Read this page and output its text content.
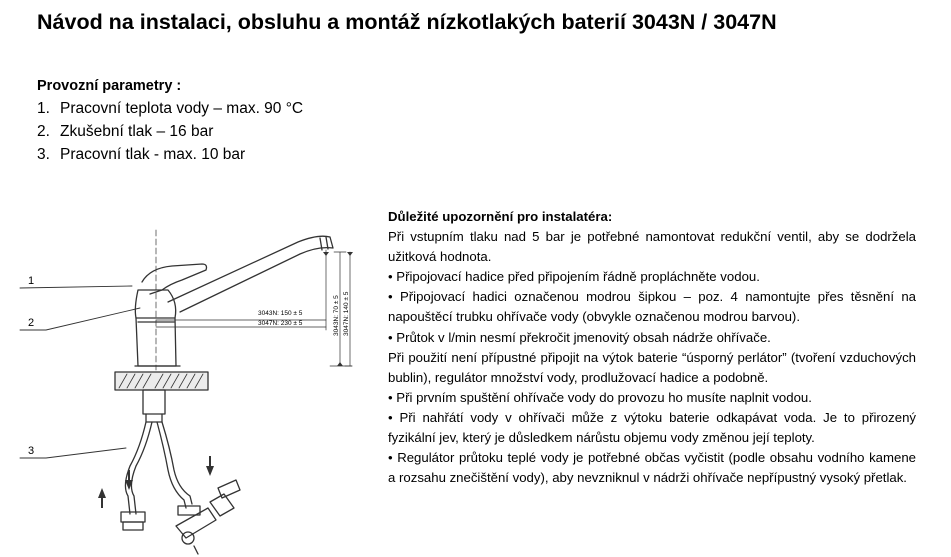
Návod na instalaci, obsluhu a montáž nízkotlakých baterií 3043N / 3047N
Provozní parametry :
1. Pracovní teplota vody – max. 90 °C
2. Zkušební tlak – 16 bar
3. Pracovní tlak - max. 10 bar
1
2
3
3043N: 150 ± 5
3047N: 230 ± 5	3043N: 70 ± 5 3047N: 140 ± 5

Důležité upozornění pro instalatéra:

Při vstupním tlaku nad 5 bar je potřebné namontovat redukční ventil, aby se dodržela užitková hodnota.

• Připojovací hadice před připojením řádně propláchněte vodou.

• Připojovací hadici označenou modrou šipkou – poz. 4 namontujte přes těsnění na napouštěcí trubku ohřívače vody (obvykle označenou modrou barvou).

• Průtok v l/min nesmí překročit jmenovitý obsah nádrže ohřívače.

Při použití není přípustné připojit na výtok baterie “úsporný perlátor” (tvoření vzduchových bublin), regulátor množství vody, prodlužovací hadice a podobně.

• Při prvním spuštění ohřívače vody do provozu ho musíte naplnit vodou.

• Při nahřátí vody v ohřívači může z výtoku baterie odkapávat voda. Je to přirozený fyzikální jev, který je důsledkem nárůstu objemu vody změnou její teploty.

• Regulátor průtoku teplé vody je potřebné občas vyčistit (podle obsahu vodního kamene a rozsahu znečištění vody), aby nevzniknul v nádrži ohřívače nepřípustný vysoký přetlak.
